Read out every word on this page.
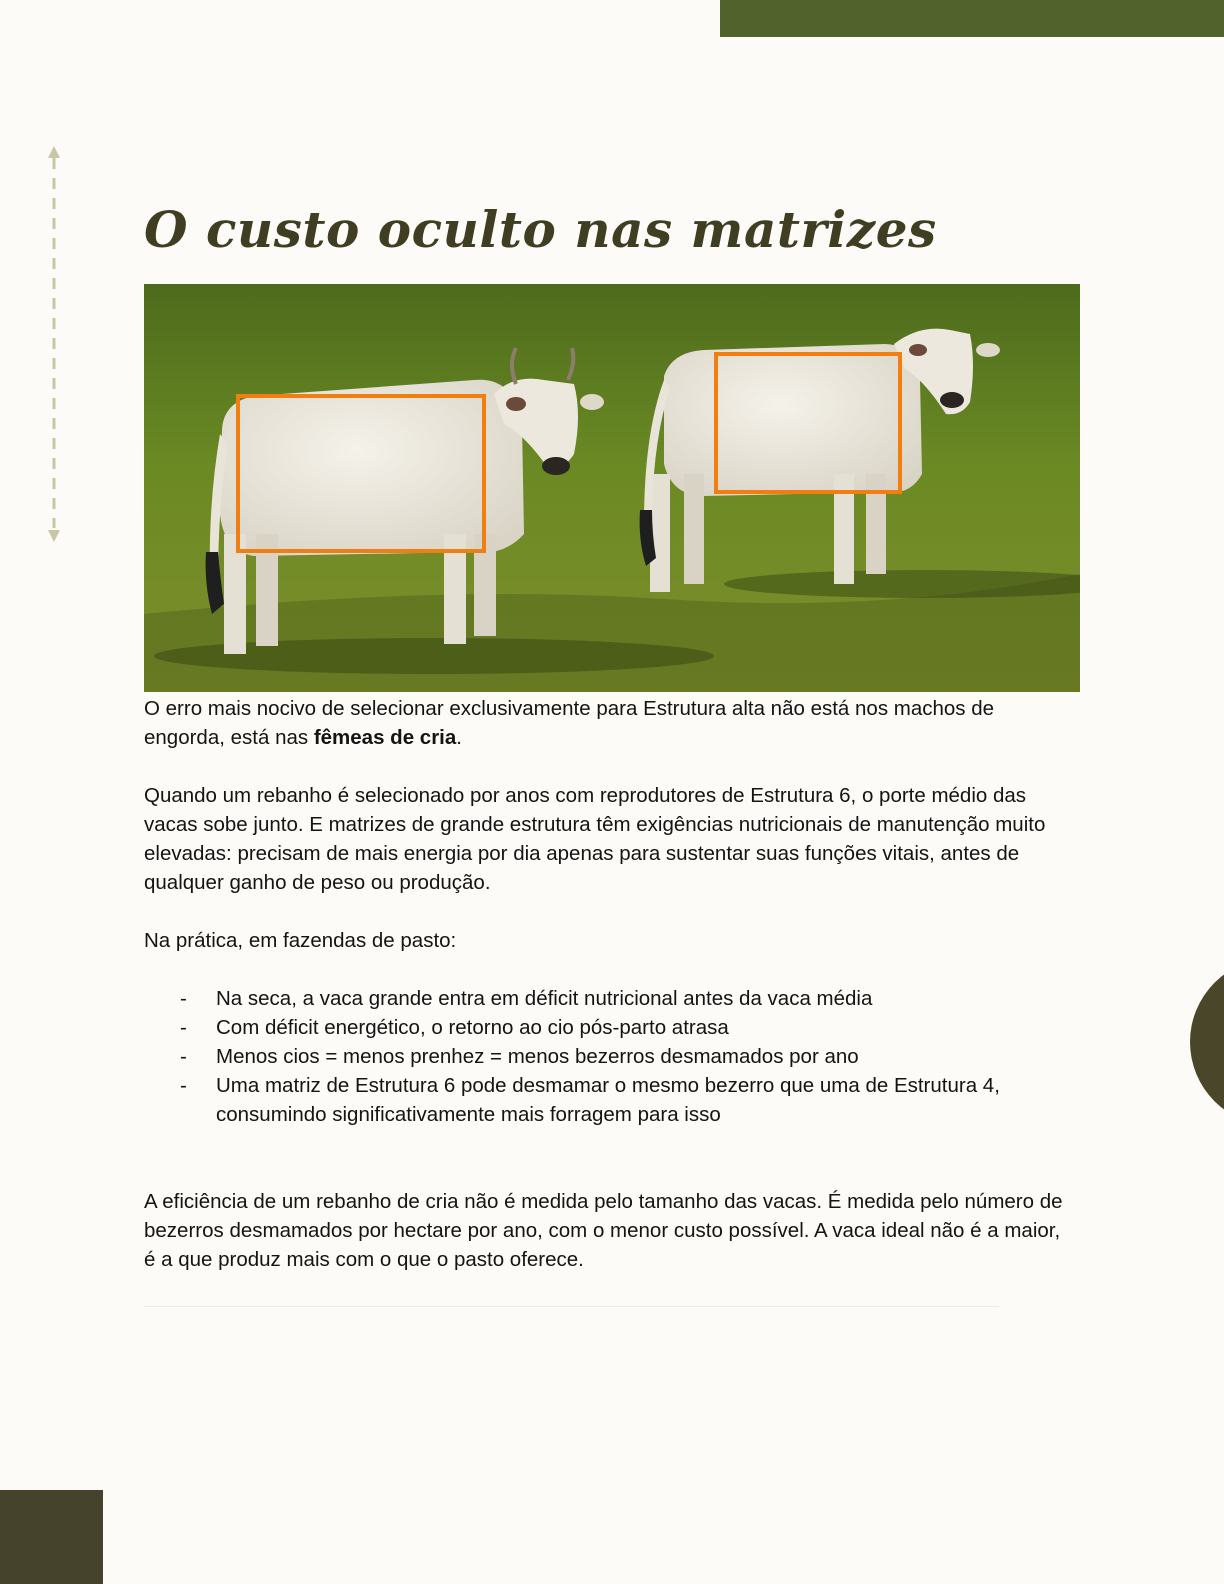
O custo oculto nas matrizes

O erro mais nocivo de selecionar exclusivamente para Estrutura alta não está nos machos de engorda, está nas fêmeas de cria.

Quando um rebanho é selecionado por anos com reprodutores de Estrutura 6, o porte médio das vacas sobe junto. E matrizes de grande estrutura têm exigências nutricionais de manutenção muito elevadas: precisam de mais energia por dia apenas para sustentar suas funções vitais, antes de qualquer ganho de peso ou produção.

Na prática, em fazendas de pasto:

- Na seca, a vaca grande entra em déficit nutricional antes da vaca média
- Com déficit energético, o retorno ao cio pós-parto atrasa
- Menos cios = menos prenhez = menos bezerros desmamados por ano
- Uma matriz de Estrutura 6 pode desmamar o mesmo bezerro que uma de Estrutura 4, consumindo significativamente mais forragem para isso

A eficiência de um rebanho de cria não é medida pelo tamanho das vacas. É medida pelo número de bezerros desmamados por hectare por ano, com o menor custo possível. A vaca ideal não é a maior, é a que produz mais com o que o pasto oferece.
